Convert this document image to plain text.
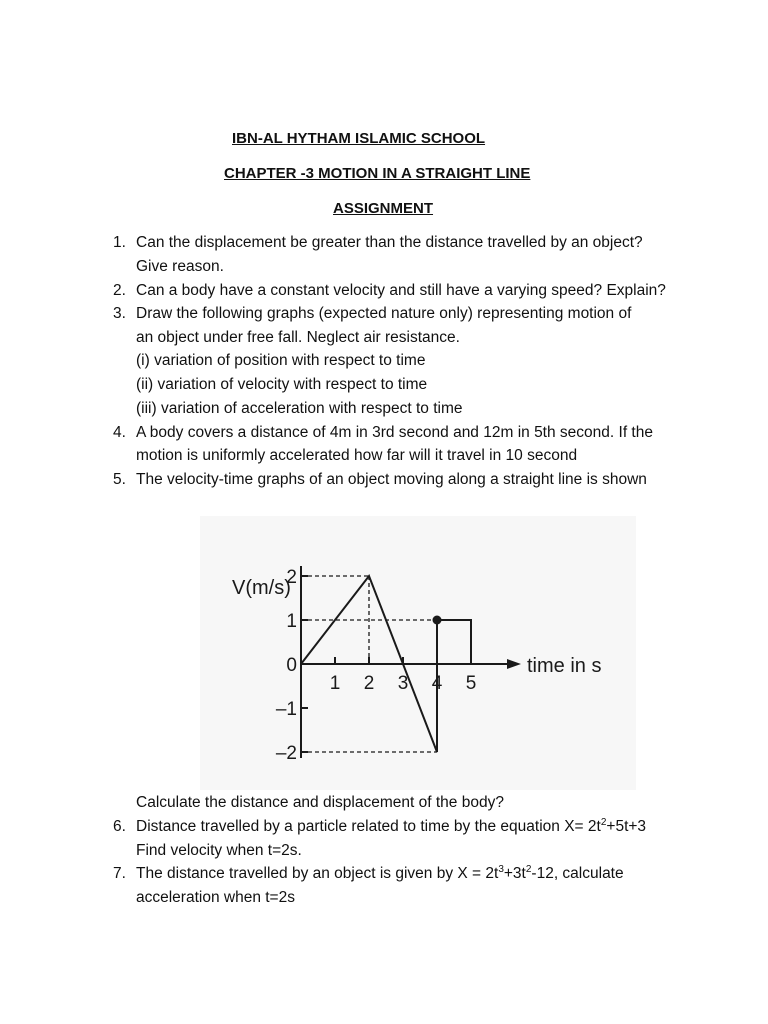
IBN-AL HYTHAM ISLAMIC SCHOOL
CHAPTER -3 MOTION IN A STRAIGHT LINE
ASSIGNMENT
1. Can the displacement be greater than the distance travelled by an object?
Give reason.
2. Can a body have a constant velocity and still have a varying speed? Explain?
3. Draw the following graphs (expected nature only) representing motion of
an object under free fall. Neglect air resistance.
(i) variation of position with respect to time
(ii) variation of velocity with respect to time
(iii) variation of acceleration with respect to time
4. A body covers a distance of 4m in 3rd second and 12m in 5th second. If the
motion is uniformly accelerated how far will it travel in 10 second
5. The velocity-time graphs of an object moving along a straight line is shown
2
1
0
–1
–2
1 2 3 4 5
V(m/s)
time in s
Calculate the distance and displacement of the body?
6. Distance travelled by a particle related to time by the equation $X= 2t^2+5t+3$
Find velocity when t=2s.
7. The distance travelled by an object is given by $X = 2t^3+3t^2-12$, calculate
acceleration when t=2s
